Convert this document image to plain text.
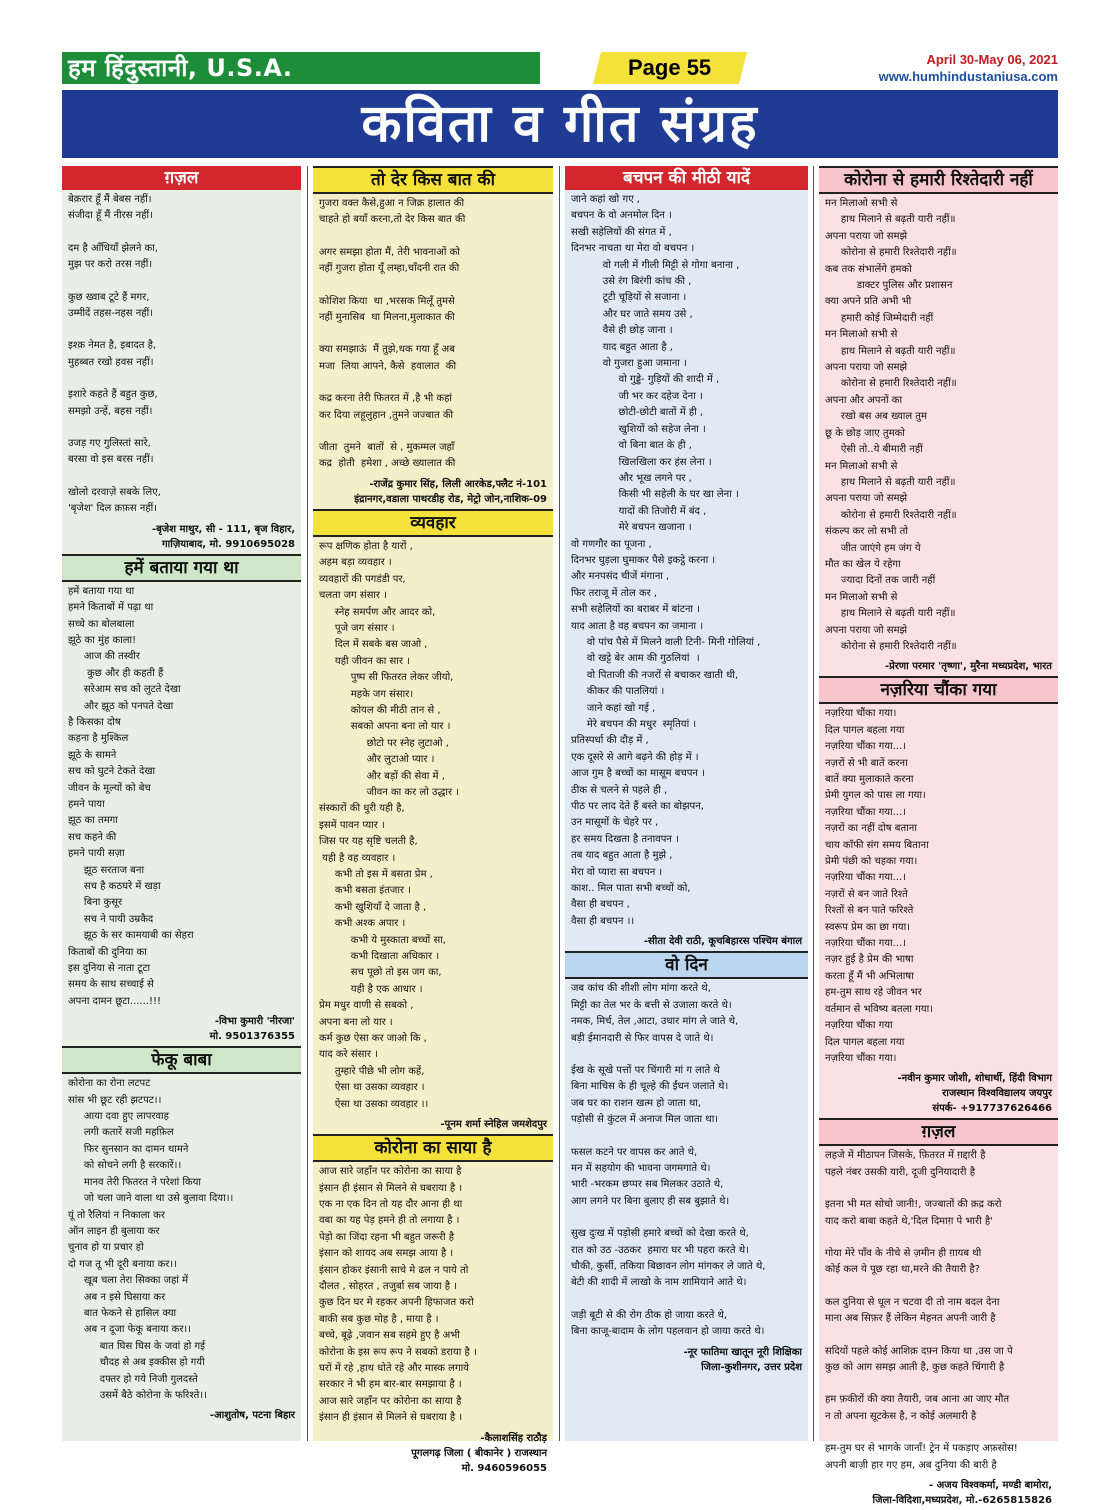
हम हिंदुस्तानी, U.S.A.	Page 55	April 30-May 06, 2021
www.humhindustaniusa.com
कविता व गीत संग्रह
ग़ज़ल
बेक़रार हूँ मैं बेबस नहीं।
संजीदा हूँ मैं नीरस नहीं।
दम है आँधियाँ झेलने का,
मुझ पर करो तरस नहीं।
कुछ ख्वाब टूटे हैं मगर,
उम्मीदें तहस-नहस नहीं।
इश्क़ नेमत है, इबादत है,
मुहब्बत रखो हवस नहीं।
इशारे कहते हैं बहुत कुछ,
समझो उन्हें, बहस नहीं।
उजड़ गए गुलिस्तां सारे,
बरसा वो इस बरस नहीं।
खोलो दरवाज़े सबके लिए,
'बृजेश' दिल क़फ़स नहीं।
-बृजेश माथुर, सी - 111, बृज विहार,
गाज़ियाबाद, मो. 9910695028
हमें बताया गया था
हमें बताया गया था
हमने किताबों में पढ़ा था
सच्चे का बोलबाला
झूठे का मुंह काला!
आज की तस्वीर
कुछ और ही कहती हैं
सरेआम सच को लुटते देखा
और झूठ को पनपते देखा
है किसका दोष
कहना है मुश्किल
झूठे के सामने
सच को घुटने टेकते देखा
जीवन के मूल्यों को बेच
हमने पाया
झूठ का तमगा
सच कहने की
हमने पायी सज़ा
झूठ सरताज बना
सच है कठघरे में खड़ा
बिना कुसूर
सच ने पायी उम्रकैद
झूठ के सर कामयाबी का सेहरा
किताबों की दुनिया का
इस दुनिया से नाता टूटा
समय के साथ सच्चाई से
अपना दामन छूटा......!!!
-विभा कुमारी 'नीरजा'
मो. 9501376355
फेकू बाबा
कोरोना का रोना लटपट
सांस भी छूट रही झटपट।।
आया दवा हुए लापरवाह
लगी कतारें सजी महफ़िल
फिर सुनसान का दामन थामने
को सोचने लगी है सरकारें।।
मानव तेरी फितरत ने परेशां किया
जो चला जाने वाला था उसे बुलावा दिया।।
यूं तो रैलियां न निकाला कर
ऑन लाइन ही बुलाया कर
चुनाव हो या प्रचार हो
दो गज तू भी दूरी बनाया कर।।
खूब चला तेरा सिक्का जहां में
अब न इसे घिसाया कर
बात फेकने से हासिल क्या
अब न दूजा फेकू बनाया कर।।
बात घिस घिस के जवां हो गई
चौदह से अब इक्कीस हो गयी
दफ्तर हो गये निजी गुलदस्ते
उसमें बैठे कोरोना के फरिश्ते।।
-आशुतोष, पटना बिहार
तो देर किस बात की
गुजरा वक्त कैसे,हुआ न जिक्र हालात की
चाहते हो बयाँ करना,तो देर किस बात की
अगर समझा होता मैं, तेरी भावनाओं को
नहीं गुजरा होता यूँ लम्हा,चाँदनी रात की
कोशिश किया  था ,भरसक मिलूँ तुमसे
नहीं मुनासिब  था मिलना,मुलाकात की
क्या समझाऊं  मैं तुझे,थक गया हूँ अब
मजा  लिया आपने, कैसे  हवालात  की
कद्र करना तेरी फितरत में ,है भी कहां
कर दिया लहूलुहान ,तुमने जज्बात की
जीता  तुमने  बातों  से , मुकम्मल जहाँ
कद्र  होती  हमेशा , अच्छे ख्यालात की
-राजेंद्र कुमार सिंह, लिली आरकेड,फ्लैट नं-101
इंद्रानगर,वडाला पाथरडीह रोड, मेट्रो जोन,नाशिक-09
व्यवहार
रूप क्षणिक होता है यारों ,
अहम बड़ा व्यवहार ।
व्यवहारों की पगडंडी पर,
चलता जग संसार ।
स्नेह समर्पण और आदर को,
पूजे जग संसार ।
दिल में सबके बस जाओ ,
यही जीवन का सार ।
पुष्प सी फितरत लेकर जीयो,
महके जग संसार।
कोयल की मीठी तान से ,
सबको अपना बना लो यार ।
छोटो पर स्नेह लुटाओ ,
और लुटाओ प्यार ।
और बड़ों की सेवा में ,
जीवन का कर लो उद्धार ।
संस्कारों की धुरी यही है,
इसमें पावन प्यार ।
जिस पर यह सृष्टि चलती है,
यही है वह व्यवहार ।
कभी तो इस में बसता प्रेम ,
कभी बसता इंतजार ।
कभी खुशियाँ दे जाता है ,
कभी अश्क अपार ।
कभी ये मुस्काता बच्चों सा,
कभी दिखाता अधिकार ।
सच पूछो तो इस जग का,
यही है एक आधार ।
प्रेम मधुर वाणी से सबको ,
अपना बना लो यार ।
कर्म कुछ ऐसा कर जाओ कि ,
याद करे संसार ।
तुम्हारे पीछे भी लोग कहें,
ऐसा था उसका व्यवहार ।
ऐसा था उसका व्यवहार ।।
-पूनम शर्मा स्नेहिल जमशेदपुर
कोरोना का साया है
आज सारे जहाँन पर कोरोना का साया है
इंसान ही इंसान से मिलने से घबराया है ।
एक ना एक दिन तो यह दौर आना ही था
वबा का यह पेड़ हमने ही तो लगाया है ।
पेड़ो का जिंदा रहना भी बहुत जरूरी है
इंसान को शायद अब समझ आया है ।
इंसान होकर इंसानी साचे मे ढल न पाये तो
दौलत , सोहरत , तजुर्बा सब जाया है ।
कुछ दिन घर मे रहकर अपनी हिफाजत करो
बाकी सब कुछ मोह है , माया है ।
बच्चे, बूढ़े ,जवान सब सहमे हुए है अभी
कोरोना के इस रूप रूप ने सबको डराया है ।
घरों में रहे ,हाथ धोते रहे और मास्क लगाये
सरकार ने भी हम बार-बार समझाया है ।
आज सारे जहाँन पर कोरोना का साया है
इंसान ही इंसान से मिलने से घबराया है ।
-कैलाशसिंह राठौड़
पूगलगढ़ जिला ( बीकानेर ) राजस्थान
मो. 9460596055
बचपन की मीठी यादें
जाने कहां खो गए ,
बचपन के वो अनमोल दिन ।
सखी सहेलियों की संगत में ,
दिनभर नाचता था मेरा वो बचपन ।
वो गली में गीली मिट्टी से गोगा बनाना ,
उसे रंग बिरंगी कांच की ,
टूटी चूड़ियों से सजाना ।
और घर जाते समय उसे ,
वैसे ही छोड़ जाना ।
याद बहुत आता है ,
वो गुजरा हुआ जमाना ।
वो गुड्डे- गुड़ियों की शादी में ,
जी भर कर दहेज देना ।
छोटी-छोटी बातों में ही ,
खुशियों को सहेज लेना ।
वो बिना बात के ही ,
खिलखिला कर हंस लेना ।
और भूख लगने पर ,
किसी भी सहेली के घर खा लेना ।
यादों की तिजोरी में बंद ,
मेरे बचपन खजाना ।
वो गणगौर का पूजना ,
दिनभर घुड़ला घुमाकर पैसे इकट्ठे करना ।
और मनपसंद चीजें मंगाना ,
फिर तराजू में तोल कर ,
सभी सहेलियों का बराबर में बांटना ।
याद आता है वह बचपन का जमाना ।
वो पांच पैसे में मिलने वाली टिनी- मिनी गोलियां ,
वो खट्टे बेर आम की गुठलियां  ।
वो पिताजी की नजरों से बचाकर खाती थी,
कीकर की पातलियां ।
जाने कहां खो गई ,
मेरे बचपन की मधुर  स्मृतियां ।
प्रतिस्पर्धा की दौड़ में ,
एक दूसरे से आगे बढ़ने की होड़ में ।
आज गुम है बच्चों का मासूम बचपन ।
ठीक से चलने से पहले ही ,
पीठ पर लाद देते हैं बस्ते का बोझपन,
उन मासूमों के चेहरे पर ,
हर समय दिखता है तनावपन ।
तब याद बहुत आता है मुझे ,
मेरा वो प्यारा सा बचपन ।
काश.. मिल पाता सभी बच्चों को,
वैसा ही बचपन ,
वैसा ही बचपन ।।
-सीता देवी राठी, कूचबिहारस पश्चिम बंगाल
वो दिन
जब कांच की शीशी लोग मांगा करते थे,
मिट्टी का तेल भर के बत्ती से उजाला करते थे।
नमक, मिर्च, तेल ,आटा, उधार मांग ले जाते थे,
बड़ी ईमानदारी से फिर वापस दे जाते थे।
ईख के सूखे पत्तों पर चिंगारी मां ग लाते थे
बिना माचिस के ही चूल्हे की ईंधन जलाते थे।
जब घर का राशन खत्म हो जाता था,
पड़ोसी से कुंटल में अनाज मिल जाता था।
फसल कटने पर वापस कर आते थे,
मन में सहयोग की भावना जगमगाते थे।
भारी -भरकम छप्पर सब मिलकर उठाते थे,
आग लगने पर बिना बुलाए ही सब बुझाते थे।
सुख दुःख में पड़ोसी हमारे बच्चों को देखा करते थे,
रात को उठ -उठकर  हमारा घर भी पहरा करते थे।
चौकी, कुर्सी, तकिया बिछावन लोग मांगकर ले जाते थे,
बेटी की शादी में लाखो के नाम शामियाने आते थे।
जड़ी बूटी से की रोग ठीक हो जाया करते थे,
बिना काजू-बादाम के लोग पहलवान हो जाया करते थे।
-नूर फातिमा खातून नूरी शिक्षिका
जिला-कुशीनगर, उत्तर प्रदेश
कोरोना से हमारी रिश्तेदारी नहीं
मन मिलाओ सभी से
हाथ मिलाने से बढ़ती यारी नहीं॥
अपना पराया जो समझे
कोरोना से हमारी रिश्तेदारी नहीं॥
कब तक संभालेंगे हमको
डाक्टर पुलिस और प्रशासन
क्या अपने प्रति अभी भी
हमारी कोई जिम्मेदारी नहीं
मन मिलाओ सभी से
हाथ मिलाने से बढ़ती यारी नहीं॥
अपना पराया जो समझे
कोरोना से हमारी रिश्तेदारी नहीं॥
अपना और अपनों का
रखो बस अब ख्याल तुम
छू के छोड़ जाए तुमको
ऐसी तो..ये बीमारी नहीं
मन मिलाओ सभी से
हाथ मिलाने से बढ़ती यारी नहीं॥
अपना पराया जो समझे
कोरोना से हमारी रिश्तेदारी नहीं॥
संकल्प कर लो सभी तो
जीत जाएंगे हम जंग ये
मौत का खेल ये रहेगा
ज्यादा दिनों तक जारी नहीं
मन मिलाओ सभी से
हाथ मिलाने से बढ़ती यारी नहीं॥
अपना पराया जो समझे
कोरोना से हमारी रिश्तेदारी नहीं॥
-प्रेरणा परमार 'तृष्णा', मुरैना मध्यप्रदेश, भारत
नज़रिया चौंका गया
नज़रिया चौंका गया।
दिल पागल बहला गया
नज़रिया चौंका गया...।
नज़रों से भी बातें करना
बातें क्या मुलाकाते करना
प्रेमी युगल को पास ला गया।
नज़रिया चौंका गया...।
नज़रों का नहीं दोष बताना
चाय कॉफी संग समय बिताना
प्रेमी पंछी को चहका गया।
नज़रिया चौंका गया...।
नज़रों से बन जाते रिश्ते
रिश्तों से बन पाते फरिश्ते
स्वरूप प्रेम का छा गया।
नज़रिया चौंका गया...।
नज़र हुई है प्रेम की भाषा
करता हूँ मैं भी अभिलाषा
हम-तुम साथ रहे जीवन भर
वर्तमान से भविष्य बतला गया।
नज़रिया चौंका गया
दिल पागल बहला गया
नज़रिया चौंका गया।
-नवीन कुमार जोशी, शोधार्थी, हिंदी विभाग
राजस्थान विश्वविद्यालय जयपुर
संपर्क- +917737626466
ग़ज़ल
लहजे में मीठापन जिसके, फ़ितरत में ग़द्दारी है
पहले नंबर उसकी यारी, दूजी दुनियादारी है
इतना भी मत सोचो जानी!, जज्बातों की क़द्र करो
याद करो बाबा कहते थे,'दिल दिमाग़ पे भारी है'
गोया मेरे पाँव के नीचे से ज़मीन ही ग़ायब थी
कोई कल ये पूछ रहा था,मरने की तैयारी है?
कल दुनिया से धूल न चटवा दी तो नाम बदल देना
माना अब सिफ़र हैं लेकिन मेहनत अपनी जारी है
सदियों पहले कोई आशिक़ दफ़्न किया था ,उस जा पे
कुछ को आग समझ आती है, कुछ कहते चिंगारी है
हम फ़कीरों की क्या तैयारी, जब आना आ जाए मौत
न तो अपना सूटकेस है, न कोई अलमारी है
हम-तुम घर से भागके जानाँ! ट्रेन में पकड़ाए अफ़सोस!
अपनी बाज़ी हार गए हम, अब दुनिया की बारी है
- अजय विश्वकर्मा, मण्डी बामोरा,
जिला-विदिशा,मध्यप्रदेश, मो.-6265815826
